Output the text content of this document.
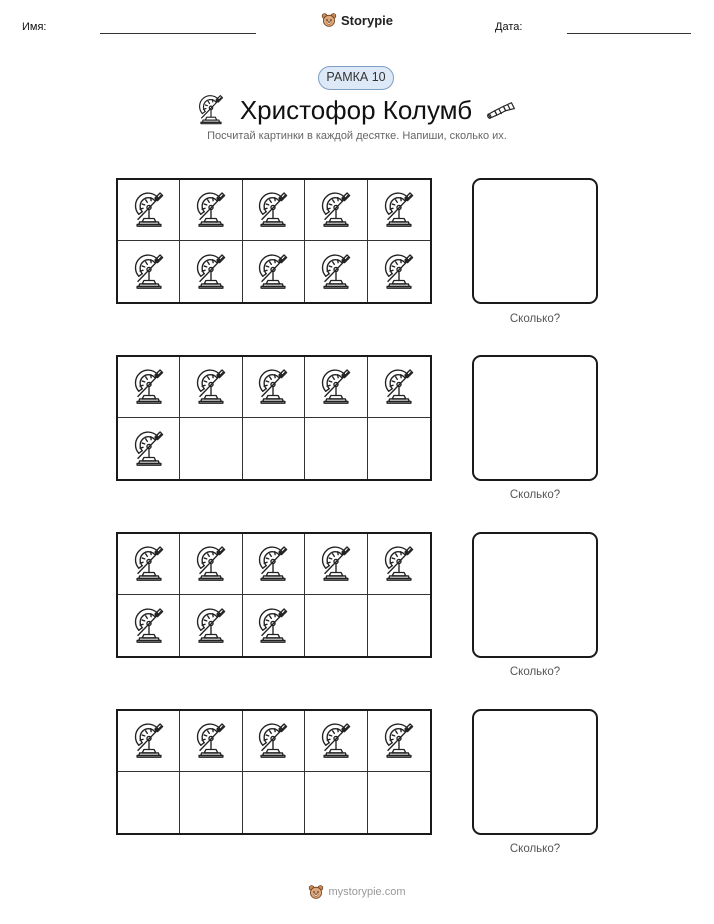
Имя:	Storypie	Дата:
РАМКА 10
Христофор Колумб
Посчитай картинки в каждой десятке. Напиши, сколько их.
Сколько?
Сколько?
Сколько?
Сколько?
mystorypie.com
